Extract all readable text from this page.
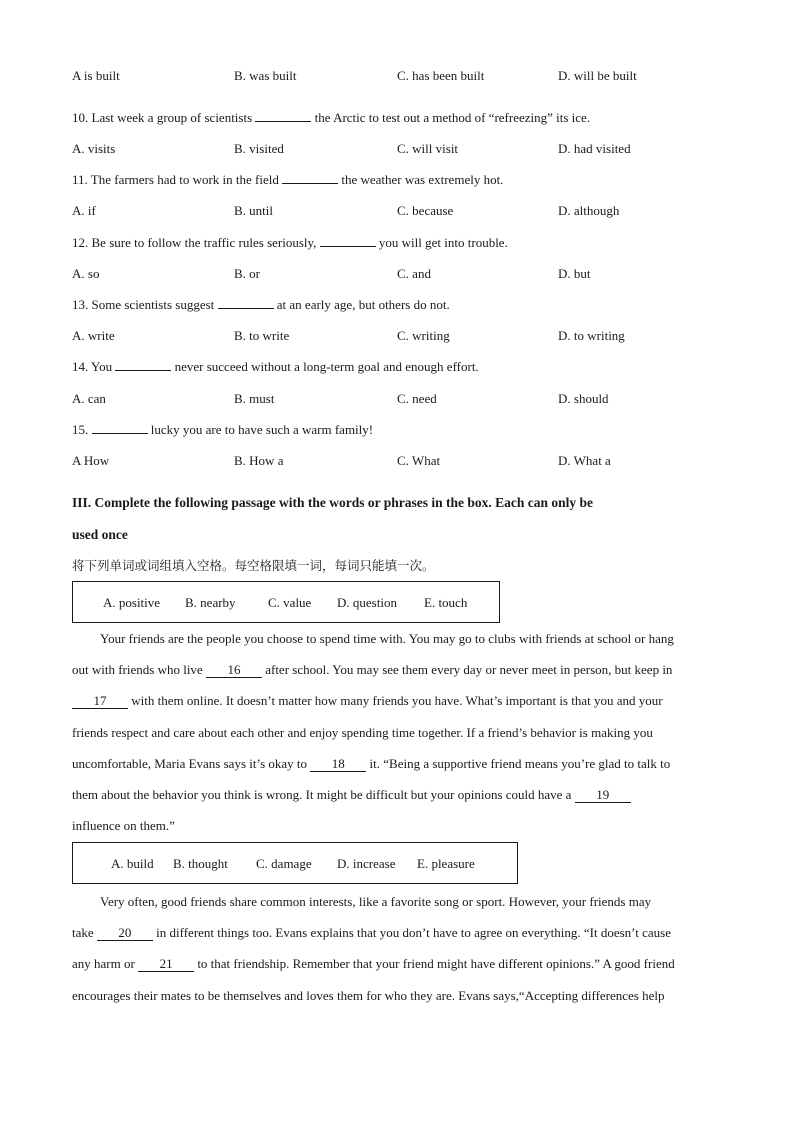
A is built	B. was built	C. has been built	D. will be built
10. Last week a group of scientists	the Arctic to test out a method of “refreezing” its ice.
A. visits	B. visited	C. will visit	D. had visited
11. The farmers had to work in the field	the weather was extremely hot.
A. if	B. until	C. because	D. although
12. Be sure to follow the traffic rules seriously,	you will get into trouble.
A. so	B. or	C. and	D. but
13. Some scientists suggest	at an early age, but others do not.
A. write	B. to write	C. writing	D. to writing
14. You	never succeed without a long-term goal and enough effort.
A. can	B. must	C. need	D. should
15.	lucky you are to have such a warm family!
A How	B. How a	C. What	D. What a
III. Complete the following passage with the words or phrases in the box. Each can only be
used once
将下列单词或词组填入空格。每空格限填一词，每词只能填一次。
A. positive B. nearby C. value D. question E. touch
Your friends are the people you choose to spend time with. You may go to clubs with friends at school or hang
out with friends who live 16 after school. You may see them every day or never meet in person, but keep in
17 with them online. It doesn’t matter how many friends you have. What’s important is that you and your
friends respect and care about each other and enjoy spending time together. If a friend’s behavior is making you
uncomfortable, Maria Evans says it’s okay to 18 it. “Being a supportive friend means you’re glad to talk to
them about the behavior you think is wrong. It might be difficult but your opinions could have a 19
influence on them.”
A. build B. thought C. damage D. increase E. pleasure
Very often, good friends share common interests, like a favorite song or sport. However, your friends may
take 20 in different things too. Evans explains that you don’t have to agree on everything. “It doesn’t cause
any harm or 21 to that friendship. Remember that your friend might have different opinions.” A good friend
encourages their mates to be themselves and loves them for who they are. Evans says,“Accepting differences help
